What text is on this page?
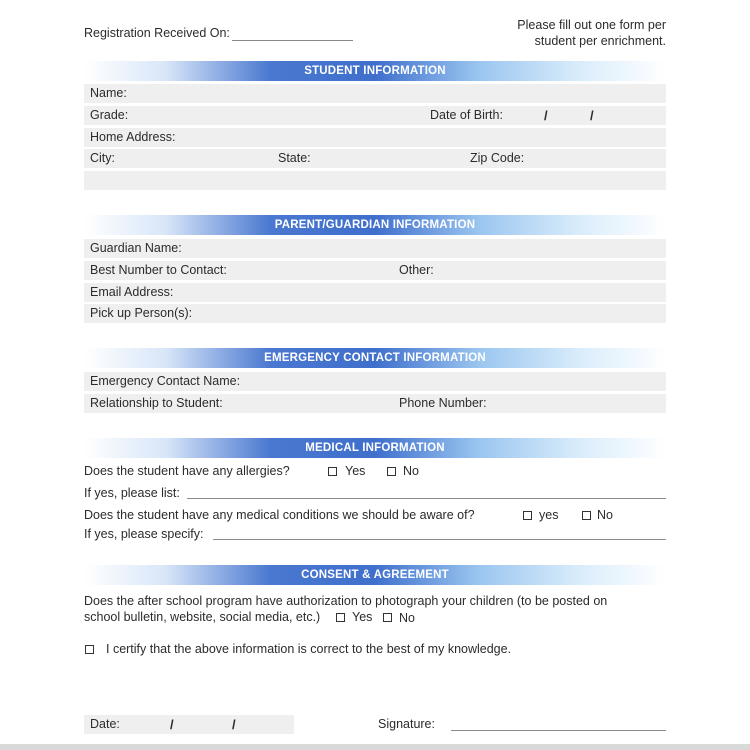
Registration Received On:
Please fill out one form per
student per enrichment.
STUDENT INFORMATION
Name:
Grade:	Date of Birth:	/	/
Home Address:
City:	State:	Zip Code:
PARENT/GUARDIAN INFORMATION
Guardian Name:
Best Number to Contact:	Other:
Email Address:
Pick up Person(s):
EMERGENCY CONTACT INFORMATION
Emergency Contact Name:
Relationship to Student:	Phone Number:
MEDICAL INFORMATION
Does the student have any allergies?	Yes	No
If yes, please list:
Does the student have any medical conditions we should be aware of?	yes	No
If yes, please specify:
CONSENT & AGREEMENT
Does the after school program have authorization to photograph your children (to be posted on
school bulletin, website, social media, etc.)	Yes No
I certify that the above information is correct to the best of my knowledge.
Date:	/	/	Signature:
